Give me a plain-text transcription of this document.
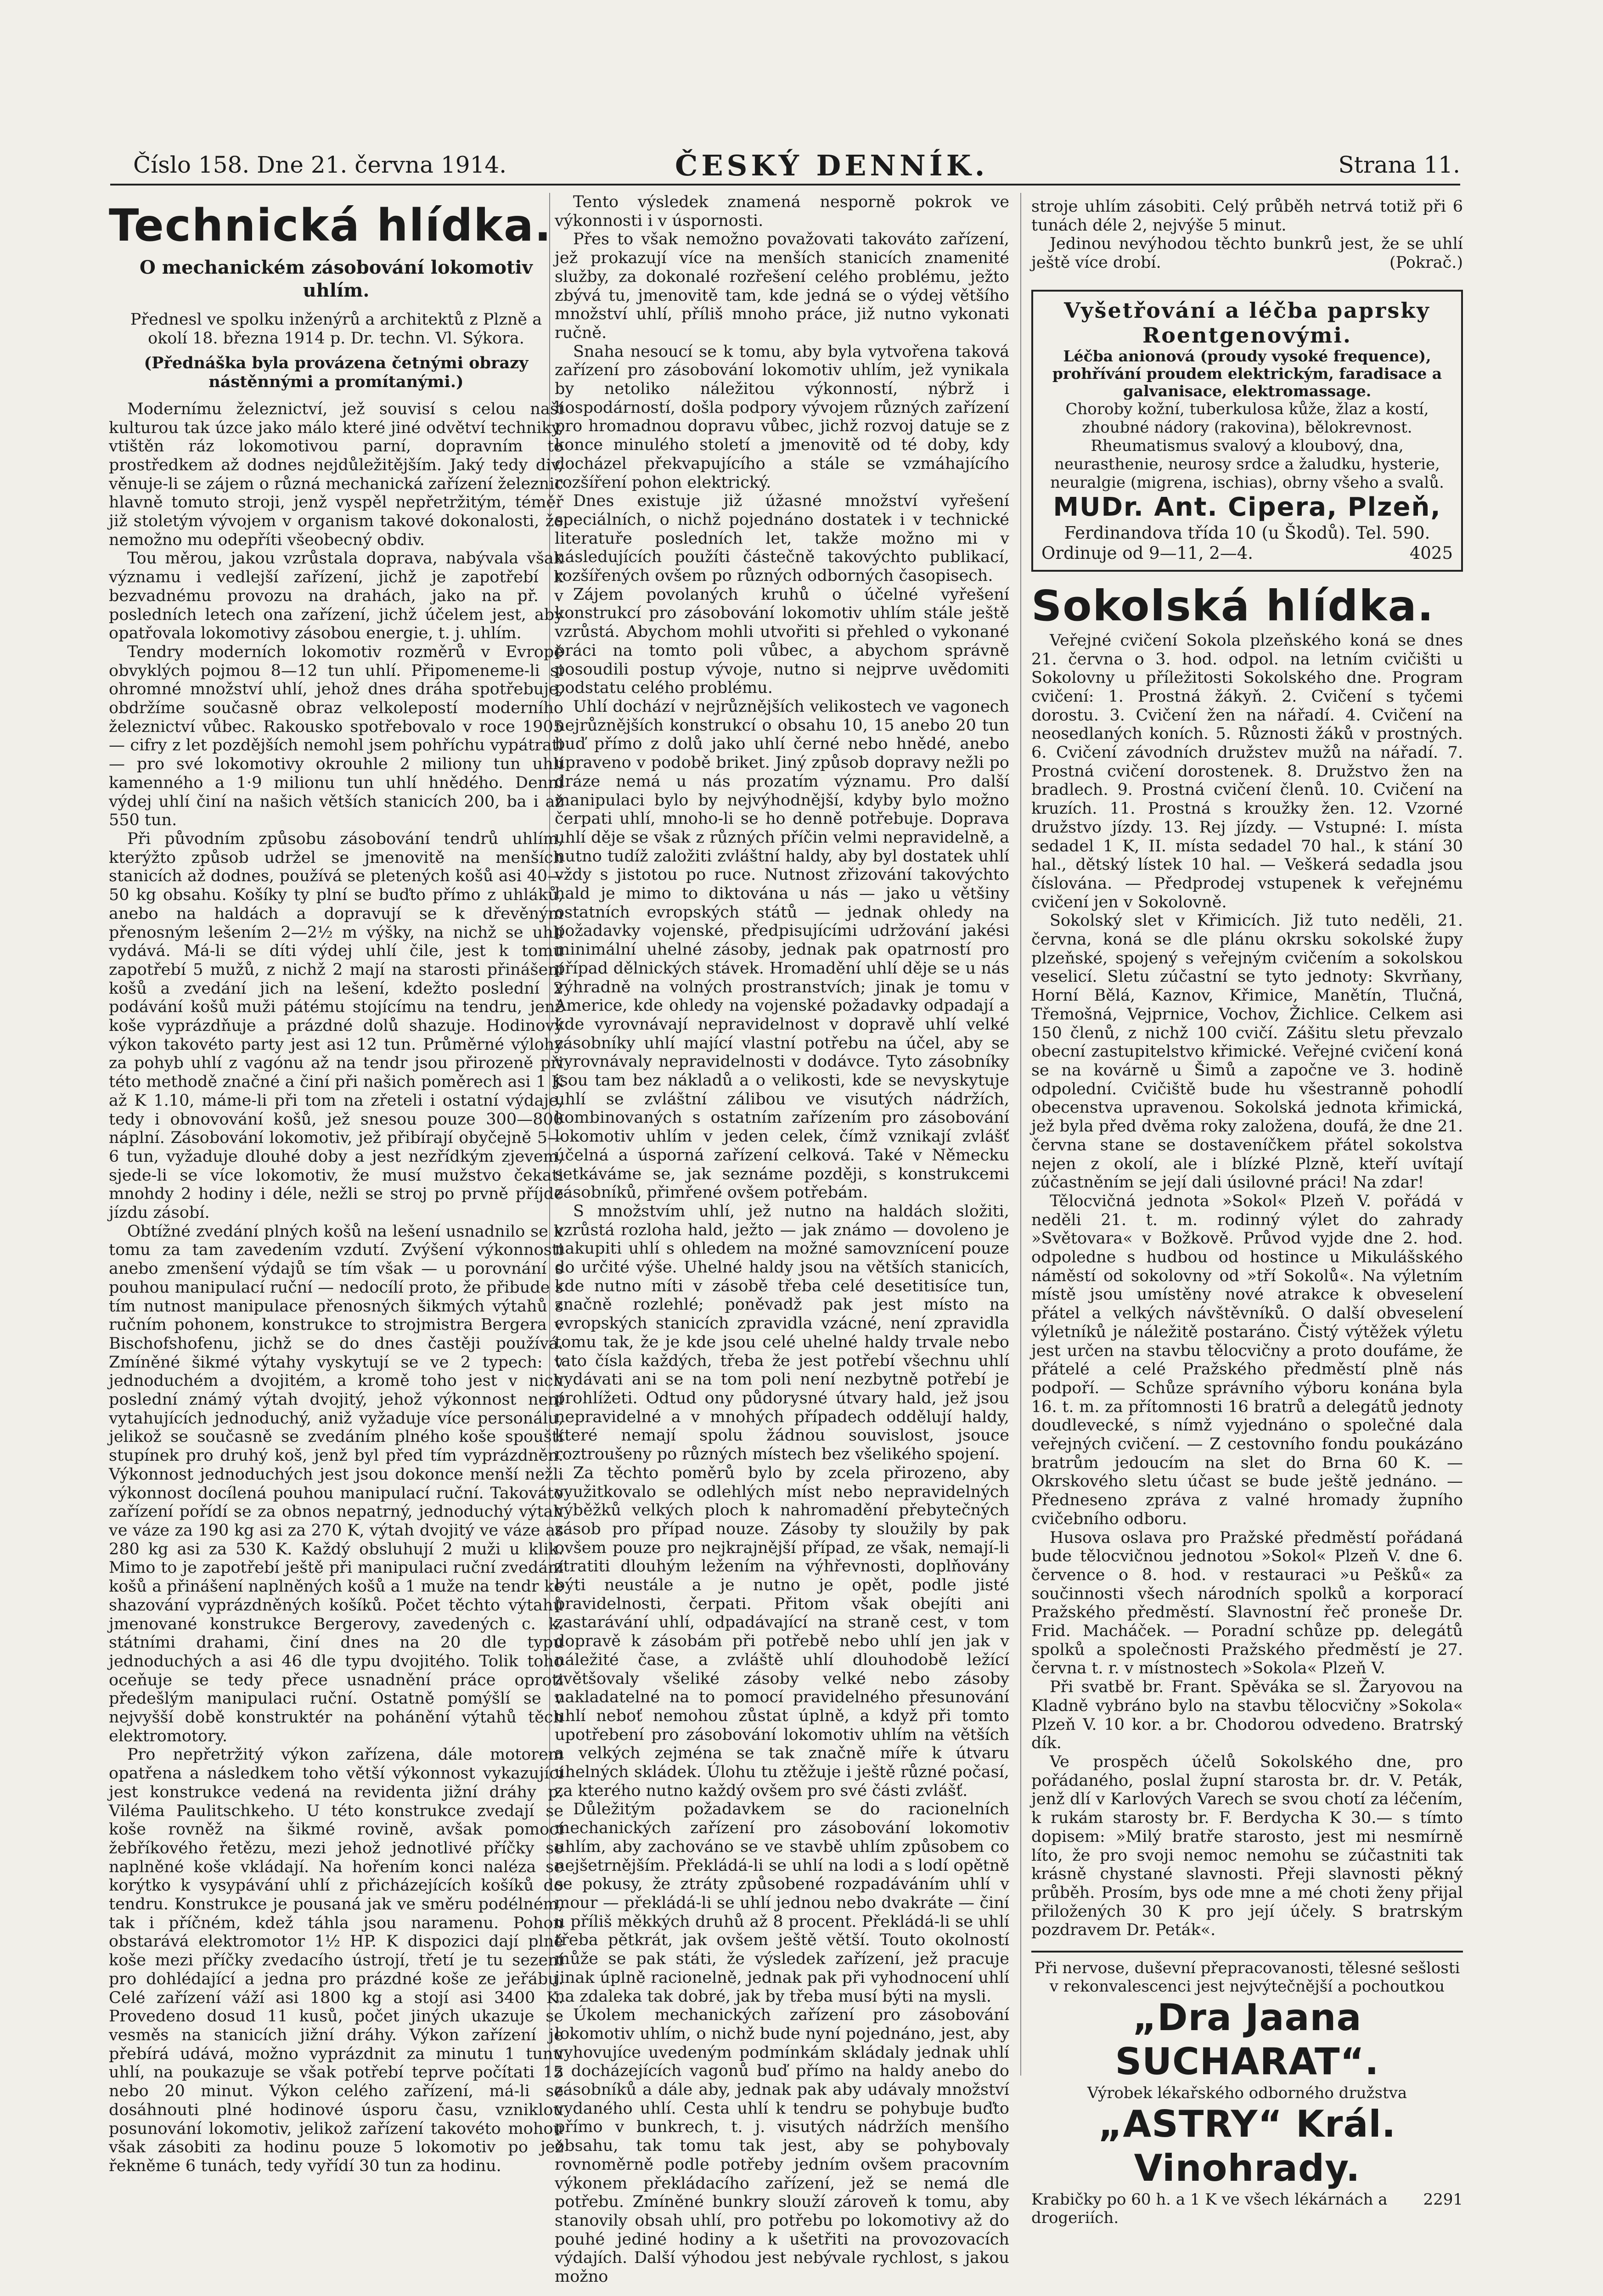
Číslo 158. Dne 21. června 1914.	ČESKÝ DENNÍK.	Strana 11.
Technická hlídka.
O mechanickém zásobování lokomotiv uhlím.
Přednesl ve spolku inženýrů a architektů z Plzně a okolí 18. března 1914 p. Dr. techn. Vl. Sýkora.
(Přednáška byla provázena četnými obrazy nástěnnými a promítanými.)

Modernímu železnictví, jež souvisí s celou naší kulturou tak úzce jako málo které jiné odvětví techniky, vtištěn ráz lokomotivou parní, dopravním to prostředkem až dodnes nejdůležitějším. Jaký tedy div, věnuje-li se zájem o různá mechanická zařízení železnic hlavně tomuto stroji, jenž vyspěl nepřetržitým, téměř již stoletým vývojem v organism takové dokonalosti, že nemožno mu odepříti všeobecný obdiv.

Tou měrou, jakou vzrůstala doprava, nabývala však významu i vedlejší zařízení, jichž je zapotřebí k bezvadnému provozu na drahách, jako na př. v posledních letech ona zařízení, jichž účelem jest, aby opatřovala lokomotivy zásobou energie, t. j. uhlím.

Tendry moderních lokomotiv rozměrů v Evropě obvyklých pojmou 8—12 tun uhlí. Připomeneme-li si ohromné množství uhlí, jehož dnes dráha spotřebuje, obdržíme současně obraz velkolepostí moderního železnictví vůbec. Rakousko spotřebovalo v roce 1905 — cifry z let pozdějších nemohl jsem pohříchu vypátrati — pro své lokomotivy okrouhle 2 miliony tun uhlí kamenného a 1·9 milionu tun uhlí hnědého. Denní výdej uhlí činí na našich větších stanicích 200, ba i až 550 tun.

Při původním způsobu zásobování tendrů uhlím, kterýžto způsob udržel se jmenovitě na menších stanicích až dodnes, používá se pletených košů asi 40—50 kg obsahu. Košíky ty plní se buďto přímo z uhláků, anebo na haldách a dopravují se k dřevěným přenosným lešením 2—2½ m výšky, na nichž se uhlí vydává. Má-li se díti výdej uhlí čile, jest k tomu zapotřebí 5 mužů, z nichž 2 mají na starosti přinášení košů a zvedání jich na lešení, kdežto poslední 2 podávání košů muži pátému stojícímu na tendru, jenž koše vyprázdňuje a prázdné dolů shazuje. Hodinový výkon takovéto party jest asi 12 tun. Průměrné výlohy za pohyb uhlí z vagónu až na tendr jsou přirozeně při této methodě značné a činí při našich poměrech asi 1 K až K 1.10, máme-li při tom na zřeteli i ostatní výdaje, tedy i obnovování košů, jež snesou pouze 300—800 náplní. Zásobování lokomotiv, jež přibírají obyčejně 5—6 tun, vyžaduje dlouhé doby a jest nezřídkým zjevem, sjede-li se více lokomotiv, že musí mužstvo čekati mnohdy 2 hodiny i déle, nežli se stroj po prvně příjde jízdu zásobí.

Obtížné zvedání plných košů na lešení usnadnilo se k tomu za tam zavedením vzdutí. Zvýšení výkonnosti anebo zmenšení výdajů se tím však — u porovnání s pouhou manipulací ruční — nedocílí proto, že přibude s tím nutnost manipulace přenosných šikmých výtahů s ručním pohonem, konstrukce to strojmistra Bergera v Bischofshofenu, jichž se do dnes častěji používá. Zmíněné šikmé výtahy vyskytují se ve 2 typech: v jednoduchém a dvojitém, a kromě toho jest v nich poslední známý výtah dvojitý, jehož výkonnost není vytahujících jednoduchý, aniž vyžaduje více personálu, jelikož se současně se zvedáním plného koše spouští stupínek pro druhý koš, jenž byl před tím vyprázdněn. Výkonnost jednoduchých jest jsou dokonce menší nežli výkonnost docílená pouhou manipulací ruční. Takováto zařízení pořídí se za obnos nepatrný, jednoduchý výtah ve váze za 190 kg asi za 270 K, výtah dvojitý ve váze as 280 kg asi za 530 K. Každý obsluhují 2 muži u klik. Mimo to je zapotřebí ještě při manipulaci ruční zvedání košů a přinášení naplněných košů a 1 muže na tendr ke shazování vyprázdněných košíků. Počet těchto výtahů jmenované konstrukce Bergerovy, zavedených c. k. státními drahami, činí dnes na 20 dle typu jednoduchých a asi 46 dle typu dvojitého. Tolik toho oceňuje se tedy přece usnadnění práce oproti předešlým manipulaci ruční. Ostatně pomýšlí se v nejvyšší době konstruktér na pohánění výtahů těch elektromotory.

Pro nepřetržitý výkon zařízena, dále motorem opatřena a následkem toho větší výkonnost vykazující jest konstrukce vedená na revidenta jižní dráhy p. Viléma Paulitschkeho. U této konstrukce zvedají se koše rovněž na šikmé rovině, avšak pomocí žebříkového řetězu, mezi jehož jednotlivé příčky se naplněné koše vkládají. Na hořením konci naléza se korýtko k vysypávání uhlí z přicházejících košíků do tendru. Konstrukce je pousaná jak ve směru podélném, tak i příčném, kdež táhla jsou naramenu. Pohon obstarává elektromotor 1½ HP. K dispozici dají plné koše mezi příčky zvedacího ústrojí, třetí je tu sezení pro dohlédající a jedna pro prázdné koše ze jeřábu. Celé zařízení váží asi 1800 kg a stojí asi 3400 K. Provedeno dosud 11 kusů, počet jiných ukazuje se vesměs na stanicích jižní dráhy. Výkon zařízení je přebírá udává, možno vyprázdnit za minutu 1 tunu uhlí, na poukazuje se však potřebí teprve počítati 15 nebo 20 minut. Výkon celého zařízení, má-li se dosáhnouti plné hodinové úsporu času, vzniklou posunování lokomotiv, jelikož zařízení takovéto mohou však zásobiti za hodinu pouze 5 lokomotiv po jež řekněme 6 tunách, tedy vyřídí 30 tun za hodinu.

Tento výsledek znamená nesporně pokrok ve výkonnosti i v úspornosti.

Přes to však nemožno považovati takováto zařízení, jež prokazují více na menších stanicích znamenité služby, za dokonalé rozřešení celého problému, ježto zbývá tu, jmenovitě tam, kde jedná se o výdej většího množství uhlí, příliš mnoho práce, již nutno vykonati ručně.

Snaha nesoucí se k tomu, aby byla vytvořena taková zařízení pro zásobování lokomotiv uhlím, jež vynikala by netoliko náležitou výkonností, nýbrž i hospodárností, došla podpory vývojem různých zařízení pro hromadnou dopravu vůbec, jichž rozvoj datuje se z konce minulého století a jmenovitě od té doby, kdy docházel překvapujícího a stále se vzmáhajícího rozšíření pohon elektrický.

Dnes existuje již úžasné množství vyřešení speciálních, o nichž pojednáno dostatek i v technické literatuře posledních let, takže možno mi v následujících použíti částečně takovýchto publikací, rozšířených ovšem po různých odborných časopisech.

Zájem povolaných kruhů o účelné vyřešení konstrukcí pro zásobování lokomotiv uhlím stále ještě vzrůstá. Abychom mohli utvořiti si přehled o vykonané práci na tomto poli vůbec, a abychom správně posoudili postup vývoje, nutno si nejprve uvědomiti podstatu celého problému.

Uhlí dochází v nejrůznějších velikostech ve vagonech nejrůznějších konstrukcí o obsahu 10, 15 anebo 20 tun buď přímo z dolů jako uhlí černé nebo hnědé, anebo upraveno v podobě briket. Jiný způsob dopravy nežli po dráze nemá u nás prozatím významu. Pro další manipulaci bylo by nejvýhodnější, kdyby bylo možno čerpati uhlí, mnoho-li se ho denně potřebuje. Doprava uhlí děje se však z různých příčin velmi nepravidelně, a nutno tudíž založiti zvláštní haldy, aby byl dostatek uhlí vždy s jistotou po ruce. Nutnost zřizování takovýchto hald je mimo to diktována u nás — jako u většiny ostatních evropských států — jednak ohledy na požadavky vojenské, předpisujícími udržování jakési minimální uhelné zásoby, jednak pak opatrností pro případ dělnických stávek. Hromadění uhlí děje se u nás výhradně na volných prostranstvích; jinak je tomu v Americe, kde ohledy na vojenské požadavky odpadají a kde vyrovnávají nepravidelnost v dopravě uhlí velké zásobníky uhlí mající vlastní potřebu na účel, aby se vyrovnávaly nepravidelnosti v dodávce. Tyto zásobníky jsou tam bez nákladů a o velikosti, kde se nevyskytuje uhlí se zvláštní zálibou ve visutých nádržích, kombinovaných s ostatním zařízením pro zásobování lokomotiv uhlím v jeden celek, čímž vznikají zvlášť účelná a úsporná zařízení celková. Také v Německu setkáváme se, jak seznáme později, s konstrukcemi zásobníků, přimřené ovšem potřebám.

S množstvím uhlí, jež nutno na haldách složiti, vzrůstá rozloha hald, ježto — jak známo — dovoleno je nakupiti uhlí s ohledem na možné samovznícení pouze do určité výše. Uhelné haldy jsou na větších stanicích, kde nutno míti v zásobě třeba celé desetitisíce tun, značně rozlehlé; poněvadž pak jest místo na evropských stanicích zpravidla vzácné, není zpravidla tomu tak, že je kde jsou celé uhelné haldy trvale nebo tato čísla každých, třeba že jest potřebí všechnu uhlí vydávati ani se na tom poli není nezbytně potřebí je prohlížeti. Odtud ony půdorysné útvary hald, jež jsou nepravidelné a v mnohých případech oddělují haldy, které nemají spolu žádnou souvislost, jsouce roztroušeny po různých místech bez všelikého spojení.

Za těchto poměrů bylo by zcela přirozeno, aby využitkovalo se odlehlých míst nebo nepravidelných výběžků velkých ploch k nahromadění přebytečných zásob pro případ nouze. Zásoby ty sloužily by pak ovšem pouze pro nejkrajnější případ, ze však, nemají-li ztratiti dlouhým ležením na výhřevnosti, doplňovány býti neustále a je nutno je opět, podle jisté pravidelnosti, čerpati. Přitom však obejíti ani zastarávání uhlí, odpadávající na straně cest, v tom dopravě k zásobám při potřebě nebo uhlí jen jak v náležité čase, a zvláště uhlí dlouhodobě ležící zvětšovaly všeliké zásoby velké nebo zásoby nakladatelné na to pomocí pravidelného přesunování uhlí neboť nemohou zůstat úplně, a když při tomto upotřebení pro zásobování lokomotiv uhlím na větších a velkých zejména se tak značně míře k útvaru uhelných skládek. Úlohu tu ztěžuje i ještě různé počasí, za kterého nutno každý ovšem pro své části zvlášť.

Důležitým požadavkem se do racionelních mechanických zařízení pro zásobování lokomotiv uhlím, aby zachováno se ve stavbě uhlím způsobem co nejšetrnějším. Překládá-li se uhlí na lodi a s lodí opětně se pokusy, že ztráty způsobené rozpadáváním uhlí v mour — překládá-li se uhlí jednou nebo dvakráte — činí u příliš měkkých druhů až 8 procent. Překládá-li se uhlí třeba pětkrát, jak ovšem ještě větší. Touto okolností může se pak státi, že výsledek zařízení, jež pracuje jinak úplně racionelně, jednak pak při vyhodnocení uhlí na zdaleka tak dobré, jak by třeba musí býti na mysli.

Úkolem mechanických zařízení pro zásobování lokomotiv uhlím, o nichž bude nyní pojednáno, jest, aby vyhovujíce uvedeným podmínkám skládaly jednak uhlí z docházejících vagonů buď přímo na haldy anebo do zásobníků a dále aby, jednak pak aby udávaly množství vydaného uhlí. Cesta uhlí k tendru se pohybuje buďto přímo v bunkrech, t. j. visutých nádržích menšího obsahu, tak tomu tak jest, aby se pohybovaly rovnoměrně podle potřeby jedním ovšem pracovním výkonem překládacího zařízení, jež se nemá dle potřebu. Zmíněné bunkry slouží zároveň k tomu, aby stanovily obsah uhlí, pro potřebu po lokomotivy až do pouhé jediné hodiny a k ušetřiti na provozovacích výdajích. Další výhodou jest nebývale rychlost, s jakou možno

stroje uhlím zásobiti. Celý průběh netrvá totiž při 6 tunách déle 2, nejvýše 5 minut.

Jedinou nevýhodou těchto bunkrů jest, že se uhlí ještě více drobí.	(Pokrač.)

Vyšetřování a léčba paprsky Roentgenovými.
Léčba anionová (proudy vysoké frequence), prohřívání proudem elektrickým, faradisace a galvanisace, elektromassage.
Choroby kožní, tuberkulosa kůže, žlaz a kostí, zhoubné nádory (rakovina), bělokrevnost. Rheumatismus svalový a kloubový, dna, neurasthenie, neurosy srdce a žaludku, hysterie, neuralgie (migrena, ischias), obrny všeho a svalů.
MUDr. Ant. Cipera, Plzeň,
Ferdinandova třída 10 (u Škodů). Tel. 590.
4025
Ordinuje od 9—11, 2—4.
Sokolská hlídka.

Veřejné cvičení Sokola plzeňského koná se dnes 21. června o 3. hod. odpol. na letním cvičišti u Sokolovny u příležitosti Sokolského dne. Program cvičení: 1. Prostná žákyň. 2. Cvičení s tyčemi dorostu. 3. Cvičení žen na nářadí. 4. Cvičení na neosedlaných koních. 5. Různosti žáků v prostných. 6. Cvičení závodních družstev mužů na nářadí. 7. Prostná cvičení dorostenek. 8. Družstvo žen na bradlech. 9. Prostná cvičení členů. 10. Cvičení na kruzích. 11. Prostná s kroužky žen. 12. Vzorné družstvo jízdy. 13. Rej jízdy. — Vstupné: I. místa sedadel 1 K, II. místa sedadel 70 hal., k stání 30 hal., dětský lístek 10 hal. — Veškerá sedadla jsou číslována. — Předprodej vstupenek k veřejnému cvičení jen v Sokolovně.

Sokolský slet v Křimicích. Již tuto neděli, 21. června, koná se dle plánu okrsku sokolské župy plzeňské, spojený s veřejným cvičením a sokolskou veselicí. Sletu zúčastní se tyto jednoty: Skvrňany, Horní Bělá, Kaznov, Křimice, Manětín, Tlučná, Třemošná, Vejprnice, Vochov, Žichlice. Celkem asi 150 členů, z nichž 100 cvičí. Zášitu sletu převzalo obecní zastupitelstvo křimické. Veřejné cvičení koná se na kovárně u Šimů a započne ve 3. hodině odpolední. Cvičiště bude hu všestranně pohodlí obecenstva upravenou. Sokolská jednota křimická, jež byla před dvěma roky založena, doufá, že dne 21. června stane se dostaveníčkem přátel sokolstva nejen z okolí, ale i blízké Plzně, kteří uvítají zúčastněním se její dali úsilovné práci! Na zdar!

Tělocvičná jednota »Sokol« Plzeň V. pořádá v neděli 21. t. m. rodinný výlet do zahrady »Světovara« v Božkově. Průvod vyjde dne 2. hod. odpoledne s hudbou od hostince u Mikulášského náměstí od sokolovny od »tří Sokolů«. Na výletním místě jsou umístěny nové atrakce k obveselení přátel a velkých návštěvníků. O další obveselení výletníků je náležitě postaráno. Čistý výtěžek výletu jest určen na stavbu tělocvičny a proto doufáme, že přátelé a celé Pražského předměstí plně nás podpoří. — Schůze správního výboru konána byla 16. t. m. za přítomnosti 16 bratrů a delegátů jednoty doudlevecké, s nímž vyjednáno o společné dala veřejných cvičení. — Z cestovního fondu poukázáno bratrům jedoucím na slet do Brna 60 K. — Okrskového sletu účast se bude ještě jednáno. — Předneseno zpráva z valné hromady župního cvičebního odboru.

Husova oslava pro Pražské předměstí pořádaná bude tělocvičnou jednotou »Sokol« Plzeň V. dne 6. července o 8. hod. v restauraci »u Pešků« za součinnosti všech národních spolků a korporací Pražského předměstí. Slavnostní řeč proneše Dr. Frid. Macháček. — Poradní schůze pp. delegátů spolků a společnosti Pražského předměstí je 27. června t. r. v místnostech »Sokola« Plzeň V.

Při svatbě br. Frant. Spěváka se sl. Žaryovou na Kladně vybráno bylo na stavbu tělocvičny »Sokola« Plzeň V. 10 kor. a br. Chodorou odvedeno. Bratrský dík.

Ve prospěch účelů Sokolského dne, pro pořádaného, poslal župní starosta br. dr. V. Peták, jenž dlí v Karlových Varech se svou chotí za léčením, k rukám starosty br. F. Berdycha K 30.— s tímto dopisem: »Milý bratře starosto, jest mi nesmírně líto, že pro svoji nemoc nemohu se zúčastniti tak krásně chystané slavnosti. Přeji slavnosti pěkný průběh. Prosím, bys ode mne a mé choti ženy přijal přiložených 30 K pro její účely. S bratrským pozdravem Dr. Peták«.

Při nervose, duševní přepracovanosti, tělesné sešlosti v rekonvalescenci jest nejvýtečnější a pochoutkou
„Dra Jaana SUCHARAT“.
Výrobek lékařského odborného družstva
„ASTRY“ Král. Vinohrady.
2291
Krabičky po 60 h. a 1 K ve všech lékárnách a drogeriích.
